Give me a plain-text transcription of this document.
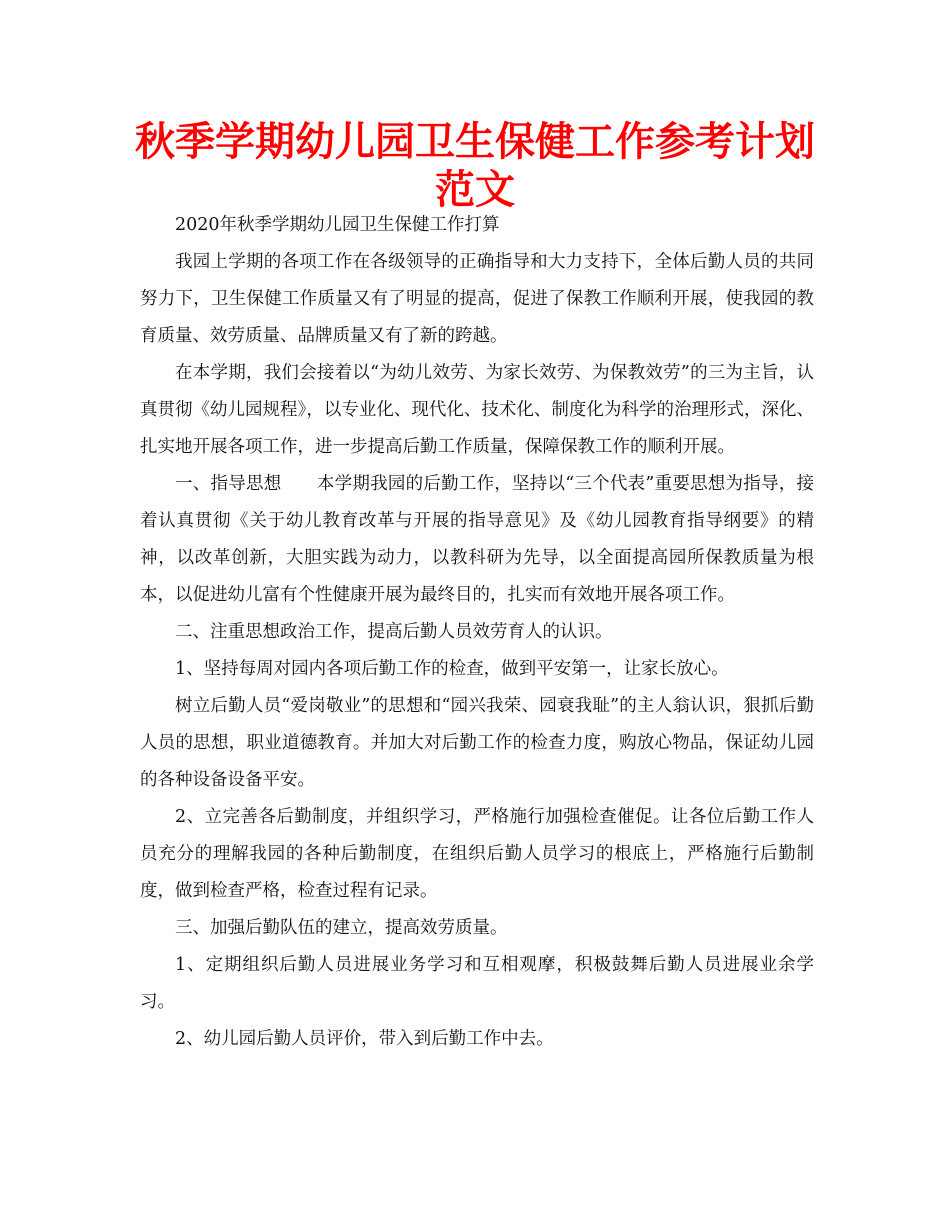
秋季学期幼儿园卫生保健工作参考计划范文

2020年秋季学期幼儿园卫生保健工作打算

我园上学期的各项工作在各级领导的正确指导和大力支持下，全体后勤人员的共同努力下，卫生保健工作质量又有了明显的提高，促进了保教工作顺利开展，使我园的教育质量、效劳质量、品牌质量又有了新的跨越。

在本学期，我们会接着以“为幼儿效劳、为家长效劳、为保教效劳”的三为主旨，认真贯彻《幼儿园规程》，以专业化、现代化、技术化、制度化为科学的治理形式，深化、扎实地开展各项工作，进一步提高后勤工作质量，保障保教工作的顺利开展。

一、指导思想　　本学期我园的后勤工作，坚持以“三个代表”重要思想为指导，接着认真贯彻《关于幼儿教育改革与开展的指导意见》及《幼儿园教育指导纲要》的精神，以改革创新，大胆实践为动力，以教科研为先导，以全面提高园所保教质量为根本，以促进幼儿富有个性健康开展为最终目的，扎实而有效地开展各项工作。

二、注重思想政治工作，提高后勤人员效劳育人的认识。

1、坚持每周对园内各项后勤工作的检查，做到平安第一，让家长放心。

树立后勤人员“爱岗敬业”的思想和“园兴我荣、园衰我耻”的主人翁认识，狠抓后勤人员的思想，职业道德教育。并加大对后勤工作的检查力度，购放心物品，保证幼儿园的各种设备设备平安。

2、立完善各后勤制度，并组织学习，严格施行加强检查催促。让各位后勤工作人员充分的理解我园的各种后勤制度，在组织后勤人员学习的根底上，严格施行后勤制度，做到检查严格，检查过程有记录。

三、加强后勤队伍的建立，提高效劳质量。

1、定期组织后勤人员进展业务学习和互相观摩，积极鼓舞后勤人员进展业余学习。

2、幼儿园后勤人员评价，带入到后勤工作中去。
